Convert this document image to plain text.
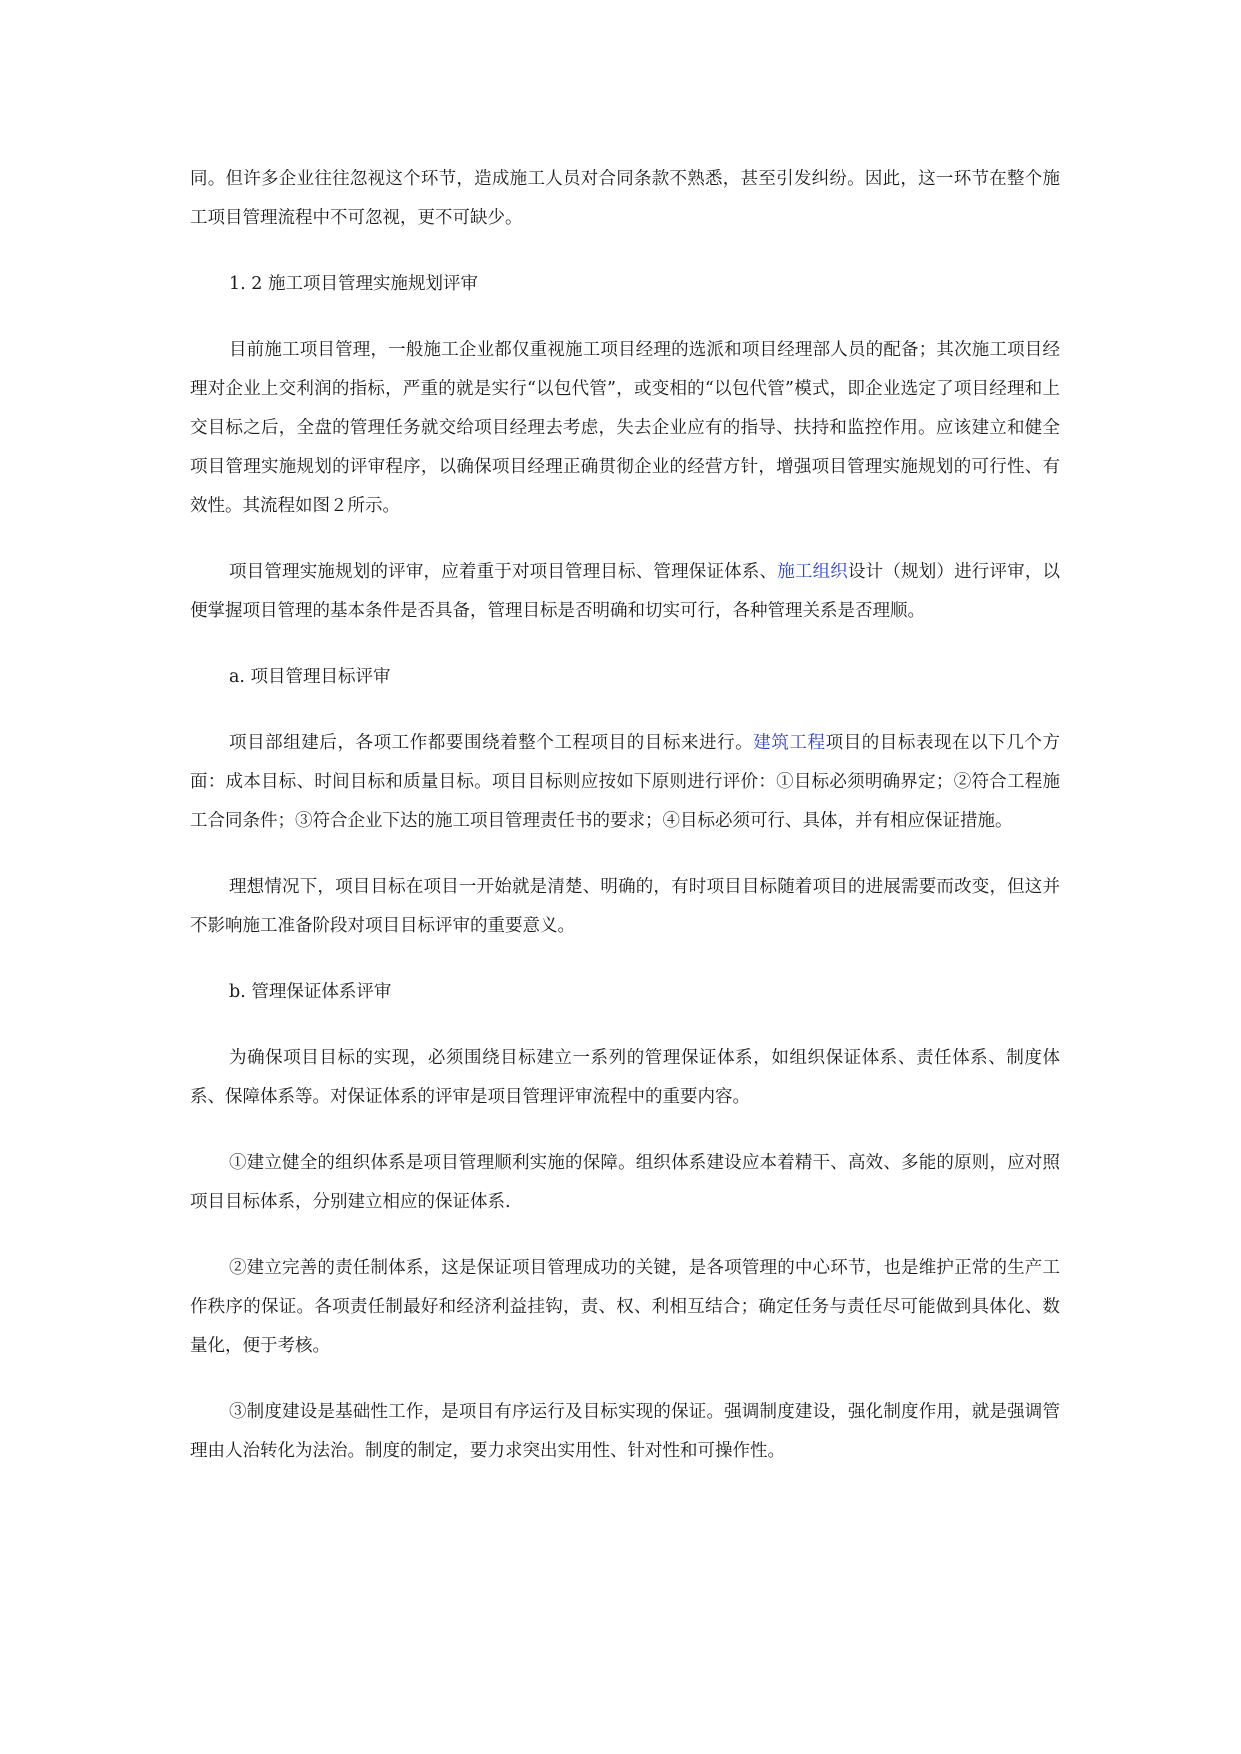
同。但许多企业往往忽视这个环节，造成施工人员对合同条款不熟悉，甚至引发纠纷。因此，这一环节在整个施工项目管理流程中不可忽视，更不可缺少。

1. 2 施工项目管理实施规划评审

目前施工项目管理，一般施工企业都仅重视施工项目经理的选派和项目经理部人员的配备；其次施工项目经理对企业上交利润的指标，严重的就是实行“以包代管”，或变相的“以包代管”模式，即企业选定了项目经理和上交目标之后，全盘的管理任务就交给项目经理去考虑，失去企业应有的指导、扶持和监控作用。应该建立和健全项目管理实施规划的评审程序，以确保项目经理正确贯彻企业的经营方针，增强项目管理实施规划的可行性、有效性。其流程如图２所示。

项目管理实施规划的评审，应着重于对项目管理目标、管理保证体系、施工组织设计（规划）进行评审，以便掌握项目管理的基本条件是否具备，管理目标是否明确和切实可行，各种管理关系是否理顺。

a. 项目管理目标评审

项目部组建后，各项工作都要围绕着整个工程项目的目标来进行。建筑工程项目的目标表现在以下几个方面：成本目标、时间目标和质量目标。项目目标则应按如下原则进行评价：①目标必须明确界定；②符合工程施工合同条件；③符合企业下达的施工项目管理责任书的要求；④目标必须可行、具体，并有相应保证措施。

理想情况下，项目目标在项目一开始就是清楚、明确的，有时项目目标随着项目的进展需要而改变，但这并不影响施工准备阶段对项目目标评审的重要意义。

b. 管理保证体系评审

为确保项目目标的实现，必须围绕目标建立一系列的管理保证体系，如组织保证体系、责任体系、制度体系、保障体系等。对保证体系的评审是项目管理评审流程中的重要内容。

①建立健全的组织体系是项目管理顺利实施的保障。组织体系建设应本着精干、高效、多能的原则，应对照项目目标体系，分别建立相应的保证体系.

②建立完善的责任制体系，这是保证项目管理成功的关键，是各项管理的中心环节，也是维护正常的生产工作秩序的保证。各项责任制最好和经济利益挂钩，责、权、利相互结合；确定任务与责任尽可能做到具体化、数量化，便于考核。

③制度建设是基础性工作，是项目有序运行及目标实现的保证。强调制度建设，强化制度作用，就是强调管理由人治转化为法治。制度的制定，要力求突出实用性、针对性和可操作性。
